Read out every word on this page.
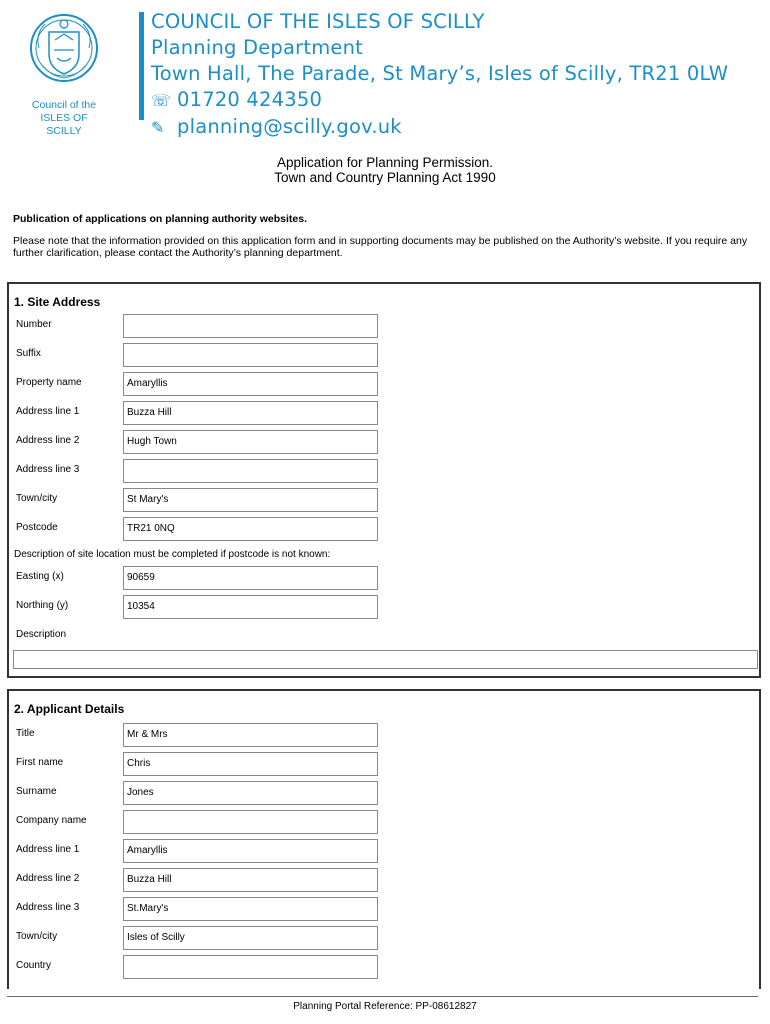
Council of the
ISLES OF SCILLY
COUNCIL OF THE ISLES OF SCILLY
Planning Department
Town Hall, The Parade, St Mary’s, Isles of Scilly, TR21 0LW
☏ 01720 424350
✎ planning@scilly.gov.uk
Application for Planning Permission.
Town and Country Planning Act 1990
Publication of applications on planning authority websites.
Please note that the information provided on this application form and in supporting documents may be published on the Authority’s website. If you require any further clarification, please contact the Authority’s planning department.
1. Site Address
Number
Suffix
Property name	Amaryllis
Address line 1	Buzza Hill
Address line 2	Hugh Town
Address line 3
Town/city	St Mary's
Postcode	TR21 0NQ
Description of site location must be completed if postcode is not known:
Easting (x)	90659
Northing (y)	10354
Description
2. Applicant Details
Title	Mr & Mrs
First name	Chris
Surname	Jones
Company name
Address line 1	Amaryllis
Address line 2	Buzza Hill
Address line 3	St.Mary's
Town/city	Isles of Scilly
Country
Planning Portal Reference: PP-08612827
